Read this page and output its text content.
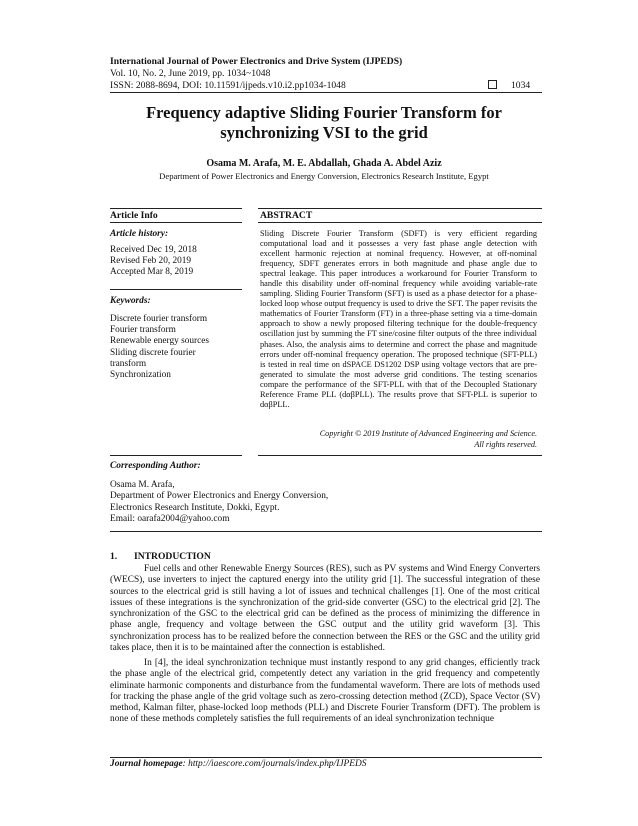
International Journal of Power Electronics and Drive System (IJPEDS)
Vol. 10, No. 2, June 2019, pp. 1034~1048
ISSN: 2088-8694, DOI: 10.11591/ijpeds.v10.i2.pp1034-1048	1034
Frequency adaptive Sliding Fourier Transform for
synchronizing VSI to the grid
Osama M. Arafa, M. E. Abdallah, Ghada A. Abdel Aziz
Department of Power Electronics and Energy Conversion, Electronics Research Institute, Egypt
Article Info
Article history:
Received Dec 19, 2018
Revised Feb 20, 2019
Accepted Mar 8, 2019
Keywords:
Discrete fourier transform
Fourier transform
Renewable energy sources
Sliding discrete fourier
transform
Synchronization
ABSTRACT
Sliding Discrete Fourier Transform (SDFT) is very efficient regarding computational load and it possesses a very fast phase angle detection with excellent harmonic rejection at nominal frequency. However, at off-nominal frequency, SDFT generates errors in both magnitude and phase angle due to spectral leakage. This paper introduces a workaround for Fourier Transform to handle this disability under off-nominal frequency while avoiding variable-rate sampling. Sliding Fourier Transform (SFT) is used as a phase detector for a phase-locked loop whose output frequency is used to drive the SFT. The paper revisits the mathematics of Fourier Transform (FT) in a three-phase setting via a time-domain approach to show a newly proposed filtering technique for the double-frequency oscillation just by summing the FT sine/cosine filter outputs of the three individual phases. Also, the analysis aims to determine and correct the phase and magnitude errors under off-nominal frequency operation. The proposed technique (SFT-PLL) is tested in real time on dSPACE DS1202 DSP using voltage vectors that are pre-generated to simulate the most adverse grid conditions. The testing scenarios compare the performance of the SFT-PLL with that of the Decoupled Stationary Reference Frame PLL (dαβPLL). The results prove that SFT-PLL is superior to dαβPLL.
Copyright © 2019 Institute of Advanced Engineering and Science.
All rights reserved.
Corresponding Author:
Osama M. Arafa,
Department of Power Electronics and Energy Conversion,
Electronics Research Institute, Dokki, Egypt.
Email: oarafa2004@yahoo.com
1.       INTRODUCTION
Fuel cells and other Renewable Energy Sources (RES), such as PV systems and Wind Energy Converters (WECS), use inverters to inject the captured energy into the utility grid [1]. The successful integration of these sources to the electrical grid is still having a lot of issues and technical challenges [1]. One of the most critical issues of these integrations is the synchronization of the grid-side converter (GSC) to the electrical grid [2]. The synchronization of the GSC to the electrical grid can be defined as the process of minimizing the difference in phase angle, frequency and voltage between the GSC output and the utility grid waveform [3]. This synchronization process has to be realized before the connection between the RES or the GSC and the utility grid takes place, then it is to be maintained after the connection is established.
In [4], the ideal synchronization technique must instantly respond to any grid changes, efficiently track the phase angle of the electrical grid, competently detect any variation in the grid frequency and competently eliminate harmonic components and disturbance from the fundamental waveform. There are lots of methods used for tracking the phase angle of the grid voltage such as zero-crossing detection method (ZCD), Space Vector (SV) method, Kalman filter, phase-locked loop methods (PLL) and Discrete Fourier Transform (DFT). The problem is none of these methods completely satisfies the full requirements of an ideal synchronization technique
Journal homepage: http://iaescore.com/journals/index.php/IJPEDS
